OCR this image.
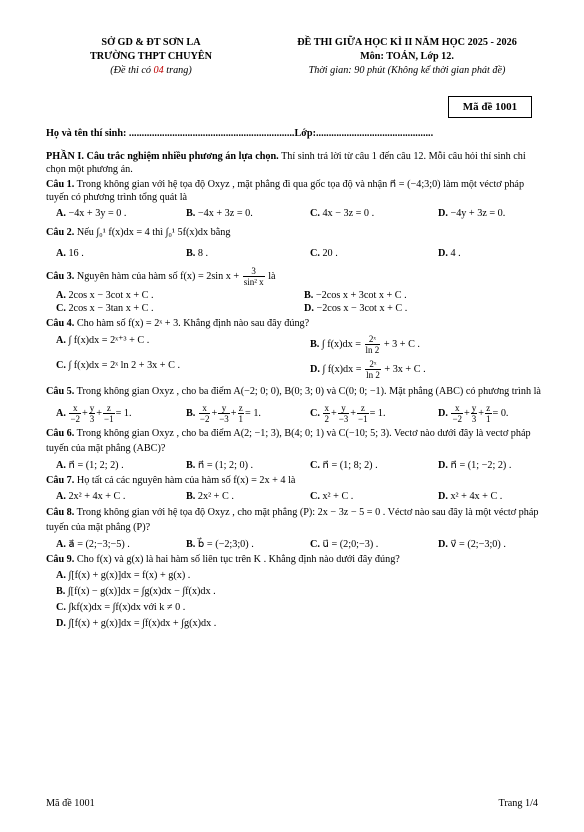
SỞ GD & ĐT SƠN LA
TRƯỜNG THPT CHUYÊN
(Đề thi có 04 trang)
ĐỀ THI GIỮA HỌC KÌ II NĂM HỌC 2025 - 2026
Môn: TOÁN, Lớp 12.
Thời gian: 90 phút (Không kể thời gian phát đề)
Mã đề 1001
Họ và tên thí sinh: .................................................................Lớp:..............................................

PHẦN I. Câu trắc nghiệm nhiều phương án lựa chọn. Thí sinh trả lời từ câu 1 đến câu 12. Mỗi câu hỏi thí sinh chỉ chọn một phương án.

Câu 1. Trong không gian với hệ tọa độ Oxyz , mặt phẳng đi qua gốc tọa độ và nhận n⃗ = (−4;3;0) làm một véctơ pháp tuyến có phương trình tổng quát là

A. −4x + 3y = 0 .	B. −4x + 3z = 0.	C. 4x − 3z = 0 .	D. −4y + 3z = 0.

Câu 2. Nếu ∫₀¹ f(x)dx = 4 thì ∫₀¹ 5f(x)dx bằng

A. 16 .	B. 8 .	C. 20 .	D. 4 .

Câu 3. Nguyên hàm của hàm số f(x) = 2sin $x + \frac{3}{\text{sin² x}}$ là

A. 2cos x − 3cot x + C .	B. −2cos x + 3cot x + C .
C. 2cos x − 3tan x + C .	D. −2cos x − 3cot x + C .

Câu 4. Cho hàm số f(x) = 2ˣ + 3. Khẳng định nào sau đây đúng?

A. ∫ f(x)dx = 2ˣ⁺³ + C .	B. ∫ $f(x)dx = \frac{\text{2ˣ}}{\ln 2} + 3 + C$ .
C. ∫ f(x)dx = 2ˣ ln 2 + 3x + C .	D. ∫ $f(x)dx = \frac{\text{2ˣ}}{\ln 2} + 3x + C$ .

Câu 5. Trong không gian Oxyz , cho ba điểm A(−2; 0; 0), B(0; 3; 0) và C(0; 0; −1). Mặt phẳng (ABC) có phương trình là

A. $\frac{x}{-2} + \frac{y}{3} + \frac{z}{-1} = 1$.	B. $\frac{x}{-2} + \frac{y}{-3} + \frac{z}{1} = 1$.	C. $\frac{x}{2} + \frac{y}{-3} + \frac{z}{-1} = 1$.	D. $\frac{x}{-2} + \frac{y}{3} + \frac{z}{1} = 0$.

Câu 6. Trong không gian Oxyz , cho ba điểm A(2; −1; 3), B(4; 0; 1) và C(−10; 5; 3). Vectơ nào dưới đây là vectơ pháp tuyến của mặt phẳng (ABC)?

A. n⃗ = (1; 2; 2) .	B. n⃗ = (1; 2; 0) .	C. n⃗ = (1; 8; 2) .	D. n⃗ = (1; −2; 2) .

Câu 7. Họ tất cả các nguyên hàm của hàm số f(x) = 2x + 4 là

A. 2x² + 4x + C .	B. 2x² + C .	C. x² + C .	D. x² + 4x + C .

Câu 8. Trong không gian với hệ tọa độ Oxyz , cho mặt phẳng (P): 2x − 3z − 5 = 0 . Véctơ nào sau đây là một véctơ pháp tuyến của mặt phẳng (P)?

A. a⃗ = (2;−3;−5) .	B. b⃗ = (−2;3;0) .	C. u⃗ = (2;0;−3) .	D. v⃗ = (2;−3;0) .

Câu 9. Cho f(x) và g(x) là hai hàm số liên tục trên K . Khẳng định nào dưới đây đúng?

A. ∫[f(x) + g(x)]dx = f(x) + g(x) .
B. ∫[f(x) − g(x)]dx = ∫g(x)dx − ∫f(x)dx .
C. ∫kf(x)dx = ∫f(x)dx với k ≠ 0 .
D. ∫[f(x) + g(x)]dx = ∫f(x)dx + ∫g(x)dx .
Mã đề 1001	Trang 1/4
